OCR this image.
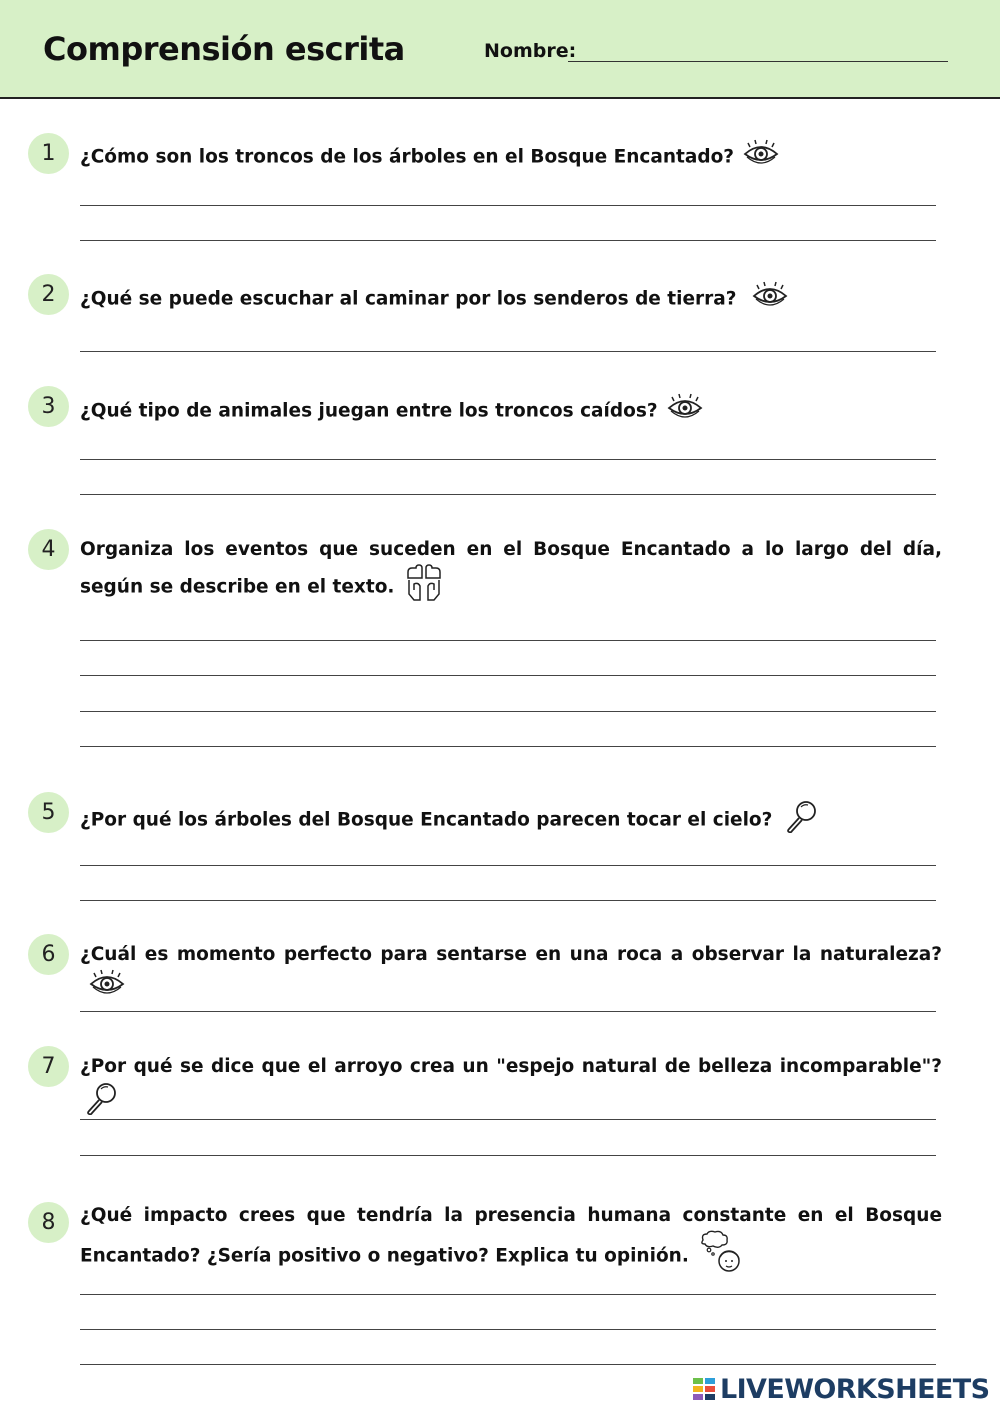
Comprensión escrita	Nombre:
1	¿Cómo son los troncos de los árboles en el Bosque Encantado?
2	¿Qué se puede escuchar al caminar por los senderos de tierra?
3	¿Qué tipo de animales juegan entre los troncos caídos?
4	Organiza los eventos que suceden en el Bosque Encantado a lo largo del día, según se describe en el texto.
5	¿Por qué los árboles del Bosque Encantado parecen tocar el cielo?
6	¿Cuál es momento perfecto para sentarse en una roca a observar la naturaleza?
7	¿Por qué se dice que el arroyo crea un "espejo natural de belleza incomparable"?
8	¿Qué impacto crees que tendría la presencia humana constante en el Bosque Encantado? ¿Sería positivo o negativo? Explica tu opinión.
LIVEWORKSHEETS
